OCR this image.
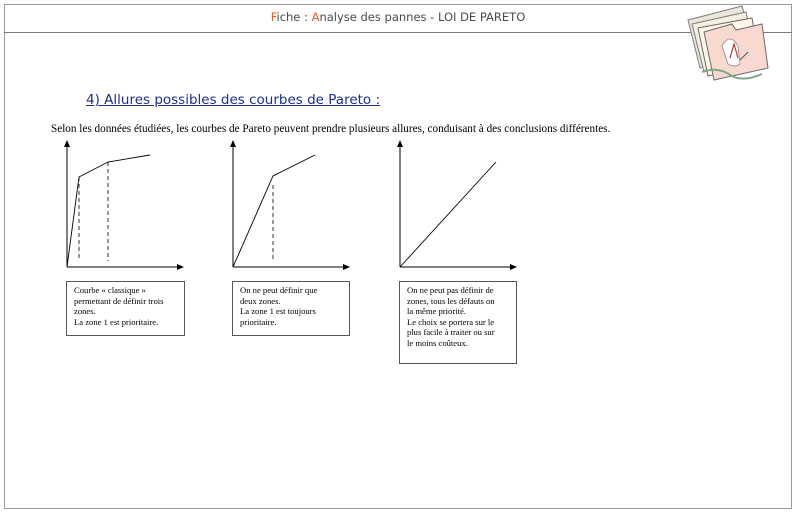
Fiche : Analyse des pannes - LOI DE PARETO
4) Allures possibles des courbes de Pareto :

Selon les données étudiées, les courbes de Pareto peuvent prendre plusieurs allures, conduisant à des conclusions différentes.

Courbe « classique »
permettant de définir trois
zones.
La zone 1 est prioritaire.
On ne peut définir que
deux zones.
La zone 1 est toujours
prioritaire.
On ne peut pas définir de
zones, tous les défauts on
la même priorité.
Le choix se portera sur le
plus facile à traiter ou sur
le moins coûteux.
